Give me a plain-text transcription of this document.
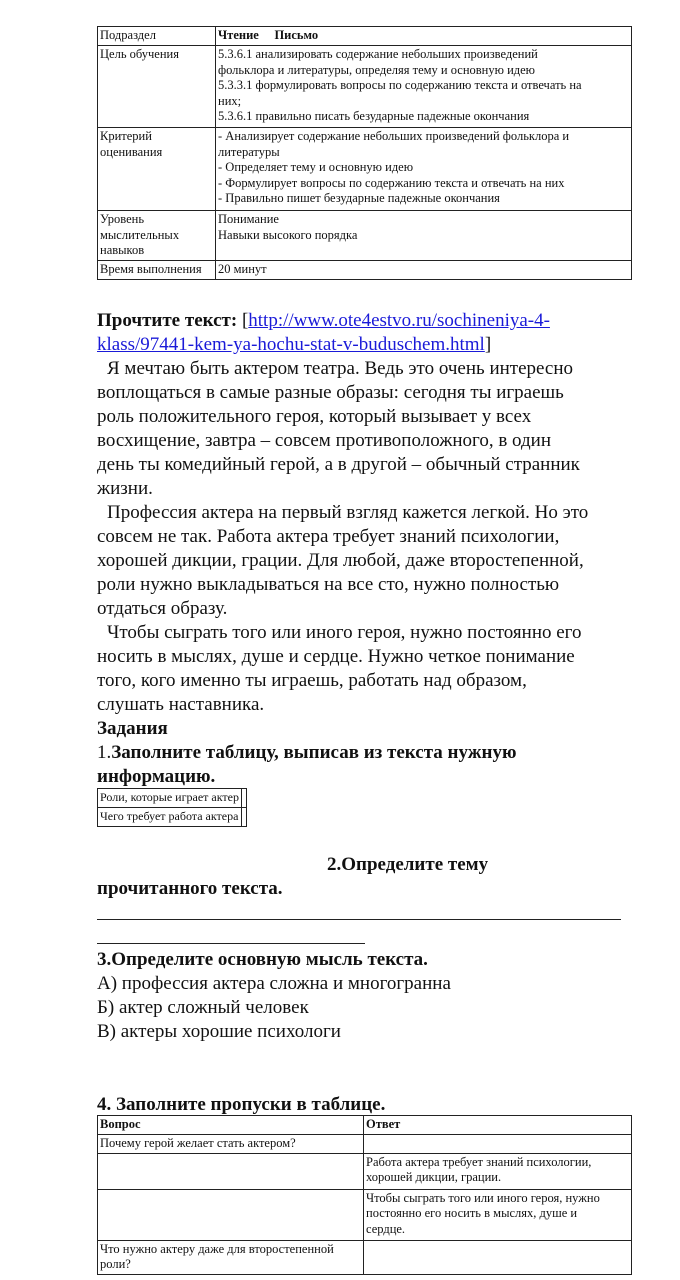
Подраздел	Чтение     Письмо
Цель обучения	5.3.6.1 анализировать содержание небольших произведений
фольклора и литературы, определяя тему и основную идею
5.3.3.1 формулировать вопросы по содержанию текста и отвечать на
них;
5.3.6.1 правильно писать безударные падежные окончания
Критерий
оценивания	- Анализирует содержание небольших произведений фольклора и
литературы
- Определяет тему и основную идею
- Формулирует вопросы по содержанию текста и отвечать на них
- Правильно пишет безударные падежные окончания
Уровень
мыслительных
навыков	Понимание
Навыки высокого порядка
Время выполнения	20 минут
Прочтите текст: [http://www.ote4estvo.ru/sochineniya-4-
klass/97441-kem-ya-hochu-stat-v-buduschem.html]
Я мечтаю быть актером театра. Ведь это очень интересно
воплощаться в самые разные образы: сегодня ты играешь
роль положительного героя, который вызывает у всех
восхищение, завтра – совсем противоположного, в один
день ты комедийный герой, а в другой – обычный странник
жизни.
Профессия актера на первый взгляд кажется легкой. Но это
совсем не так. Работа актера требует знаний психологии,
хорошей дикции, грации. Для любой, даже второстепенной,
роли нужно выкладываться на все сто, нужно полностью
отдаться образу.
Чтобы сыграть того или иного героя, нужно постоянно его
носить в мыслях, душе и сердце. Нужно четкое понимание
того, кого именно ты играешь, работать над образом,
слушать наставника.
Задания
1.Заполните таблицу, выписав из текста нужную
информацию.
Роли, которые играет актер	
Чего требует работа актера	
2.Определите тему
прочитанного текста.
3.Определите основную мысль текста.
А) профессия актера сложна и многогранна
Б) актер сложный человек
В) актеры хорошие психологи
4. Заполните пропуски в таблице.
Вопрос	Ответ
Почему герой желает стать актером?	
	Работа актера требует знаний психологии,
хорошей дикции, грации.
	Чтобы сыграть того или иного героя, нужно
постоянно его носить в мыслях, душе и
сердце.
Что нужно актеру даже для второстепенной
роли?	
